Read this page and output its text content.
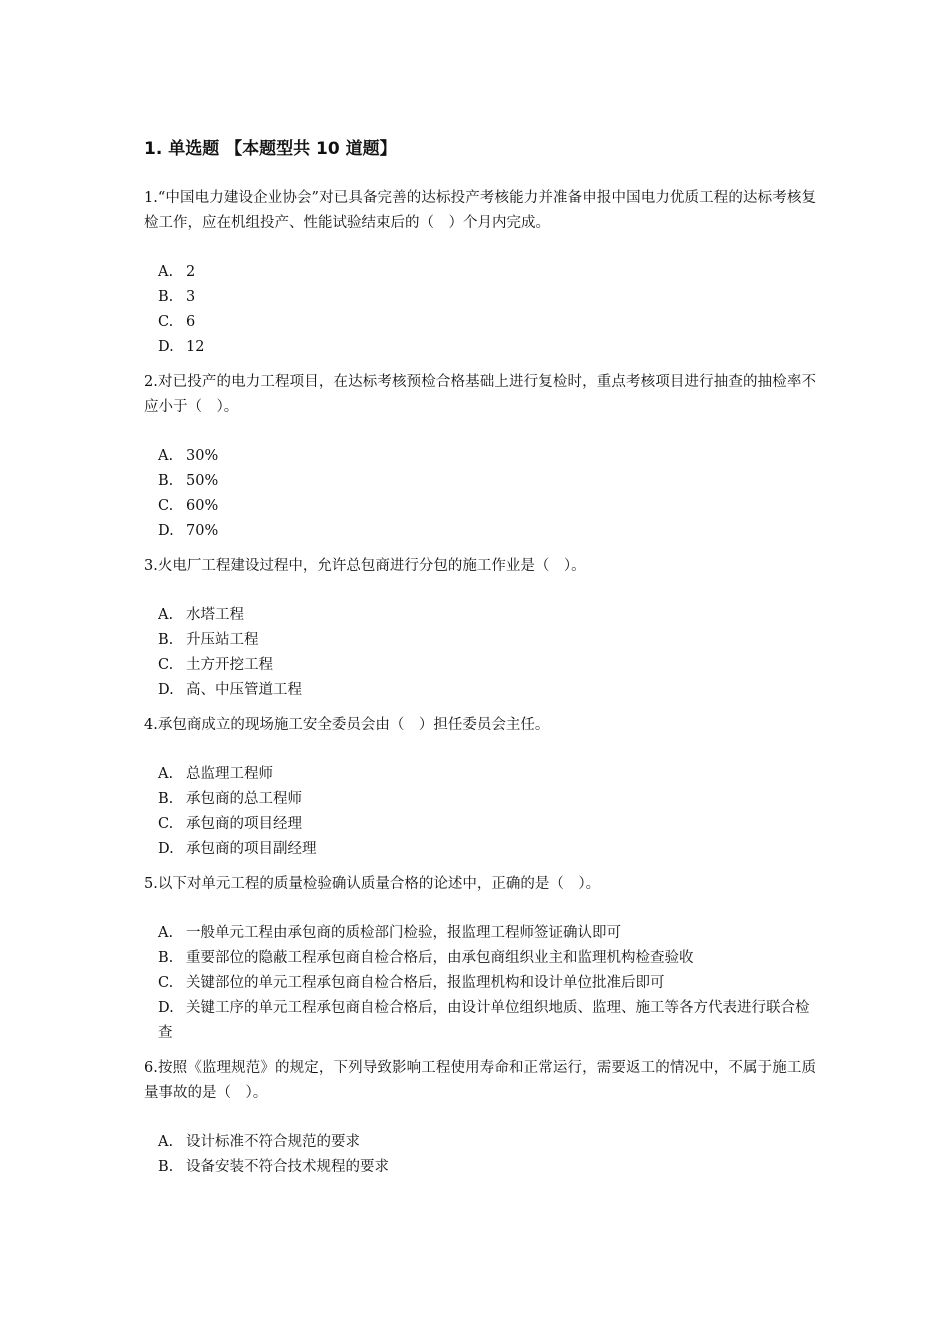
1. 单选题 【本题型共 10 道题】
1.“中国电力建设企业协会”对已具备完善的达标投产考核能力并准备申报中国电力优质工程的达标考核复检工作，应在机组投产、性能试验结束后的（　）个月内完成。
A. 2
B. 3
C. 6
D. 12
2.对已投产的电力工程项目，在达标考核预检合格基础上进行复检时，重点考核项目进行抽查的抽检率不应小于（　）。
A. 30%
B. 50%
C. 60%
D. 70%
3.火电厂工程建设过程中，允许总包商进行分包的施工作业是（　）。
A. 水塔工程
B. 升压站工程
C. 土方开挖工程
D. 高、中压管道工程
4.承包商成立的现场施工安全委员会由（　）担任委员会主任。
A. 总监理工程师
B. 承包商的总工程师
C. 承包商的项目经理
D. 承包商的项目副经理
5.以下对单元工程的质量检验确认质量合格的论述中，正确的是（　）。
A. 一般单元工程由承包商的质检部门检验，报监理工程师签证确认即可
B. 重要部位的隐蔽工程承包商自检合格后，由承包商组织业主和监理机构检查验收
C. 关键部位的单元工程承包商自检合格后，报监理机构和设计单位批准后即可
D. 关键工序的单元工程承包商自检合格后，由设计单位组织地质、监理、施工等各方代表进行联合检查
6.按照《监理规范》的规定，下列导致影响工程使用寿命和正常运行，需要返工的情况中，不属于施工质量事故的是（　）。
A. 设计标准不符合规范的要求
B. 设备安装不符合技术规程的要求
